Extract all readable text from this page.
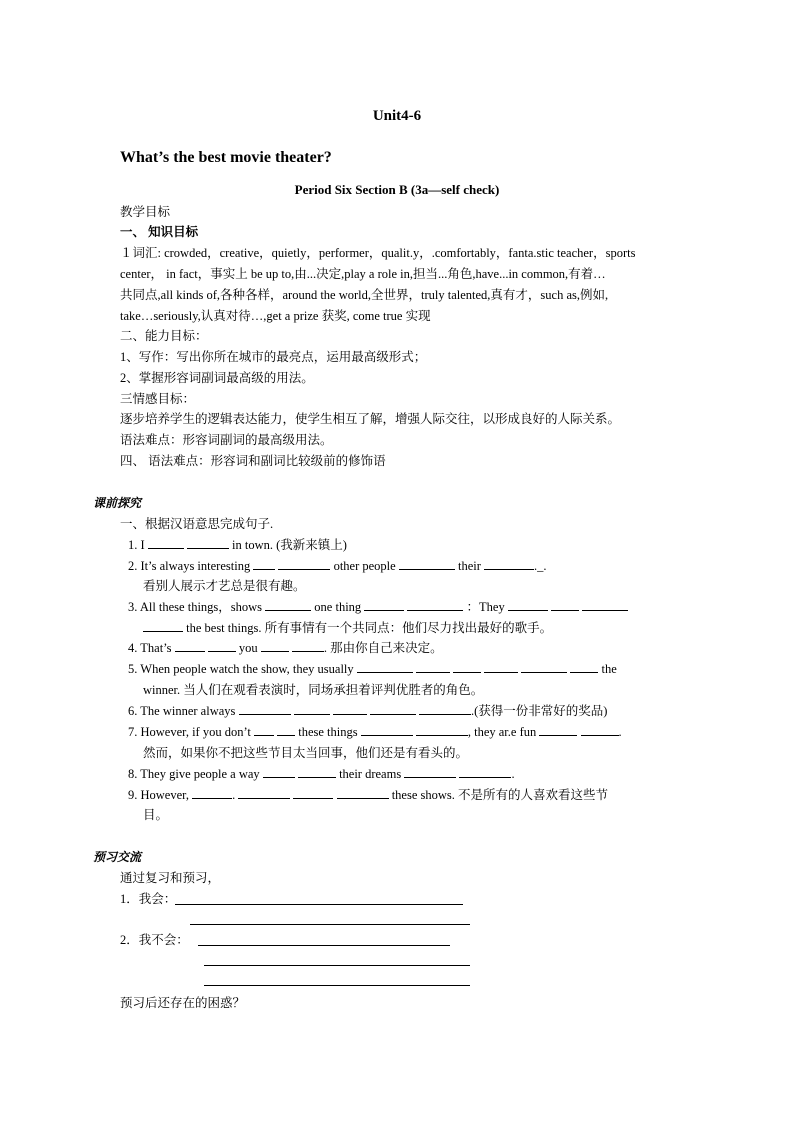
Unit4-6
What’s the best movie theater?
Period Six Section B (3a—self check)
教学目标
一、 知识目标
１词汇: crowded，creative，quietly，performer，qualit.y，.comfortably，fanta.stic teacher，sports
center， in fact，事实上 be up to,由...决定,play a role in,担当...角色,have...in common,有着…
共同点,all kinds of,各种各样，around the world,全世界，truly talented,真有才，such as,例如,
take…seriously,认真对待…,get a prize 获奖, come true 实现
二、能力目标：
1、写作：写出你所在城市的最亮点，运用最高级形式；
2、掌握形容词副词最高级的用法。
三情感目标：
逐步培养学生的逻辑表达能力，使学生相互了解，增强人际交往，以形成良好的人际关系。
语法难点：形容词副词的最高级用法。
四、 语法难点：形容词和副词比较级前的修饰语
课前探究
一、根据汉语意思完成句子.
1. I	in town. (我新来镇上)
2. It’s always interesting	other people	their	._.
看别人展示才艺总是很有趣。
3. All these things，shows	one thing	：They
the best things. 所有事情有一个共同点：他们尽力找出最好的歌手。
4. That’s	you	. 那由你自己来决定。
5. When people watch the show, they usually	the
winner. 当人们在观看表演时，同场承担着评判优胜者的角色。
6. The winner always	.(获得一份非常好的奖品)
7. However, if you don’t	these things	, they ar.e fun	.
然而，如果你不把这些节目太当回事，他们还是有看头的。
8. They give people a way	their dreams	.
9. However,	.	these shows. 不是所有的人喜欢看这些节
目。
预习交流
通过复习和预习，
1．我会：
2．我不会：
预习后还存在的困惑？
